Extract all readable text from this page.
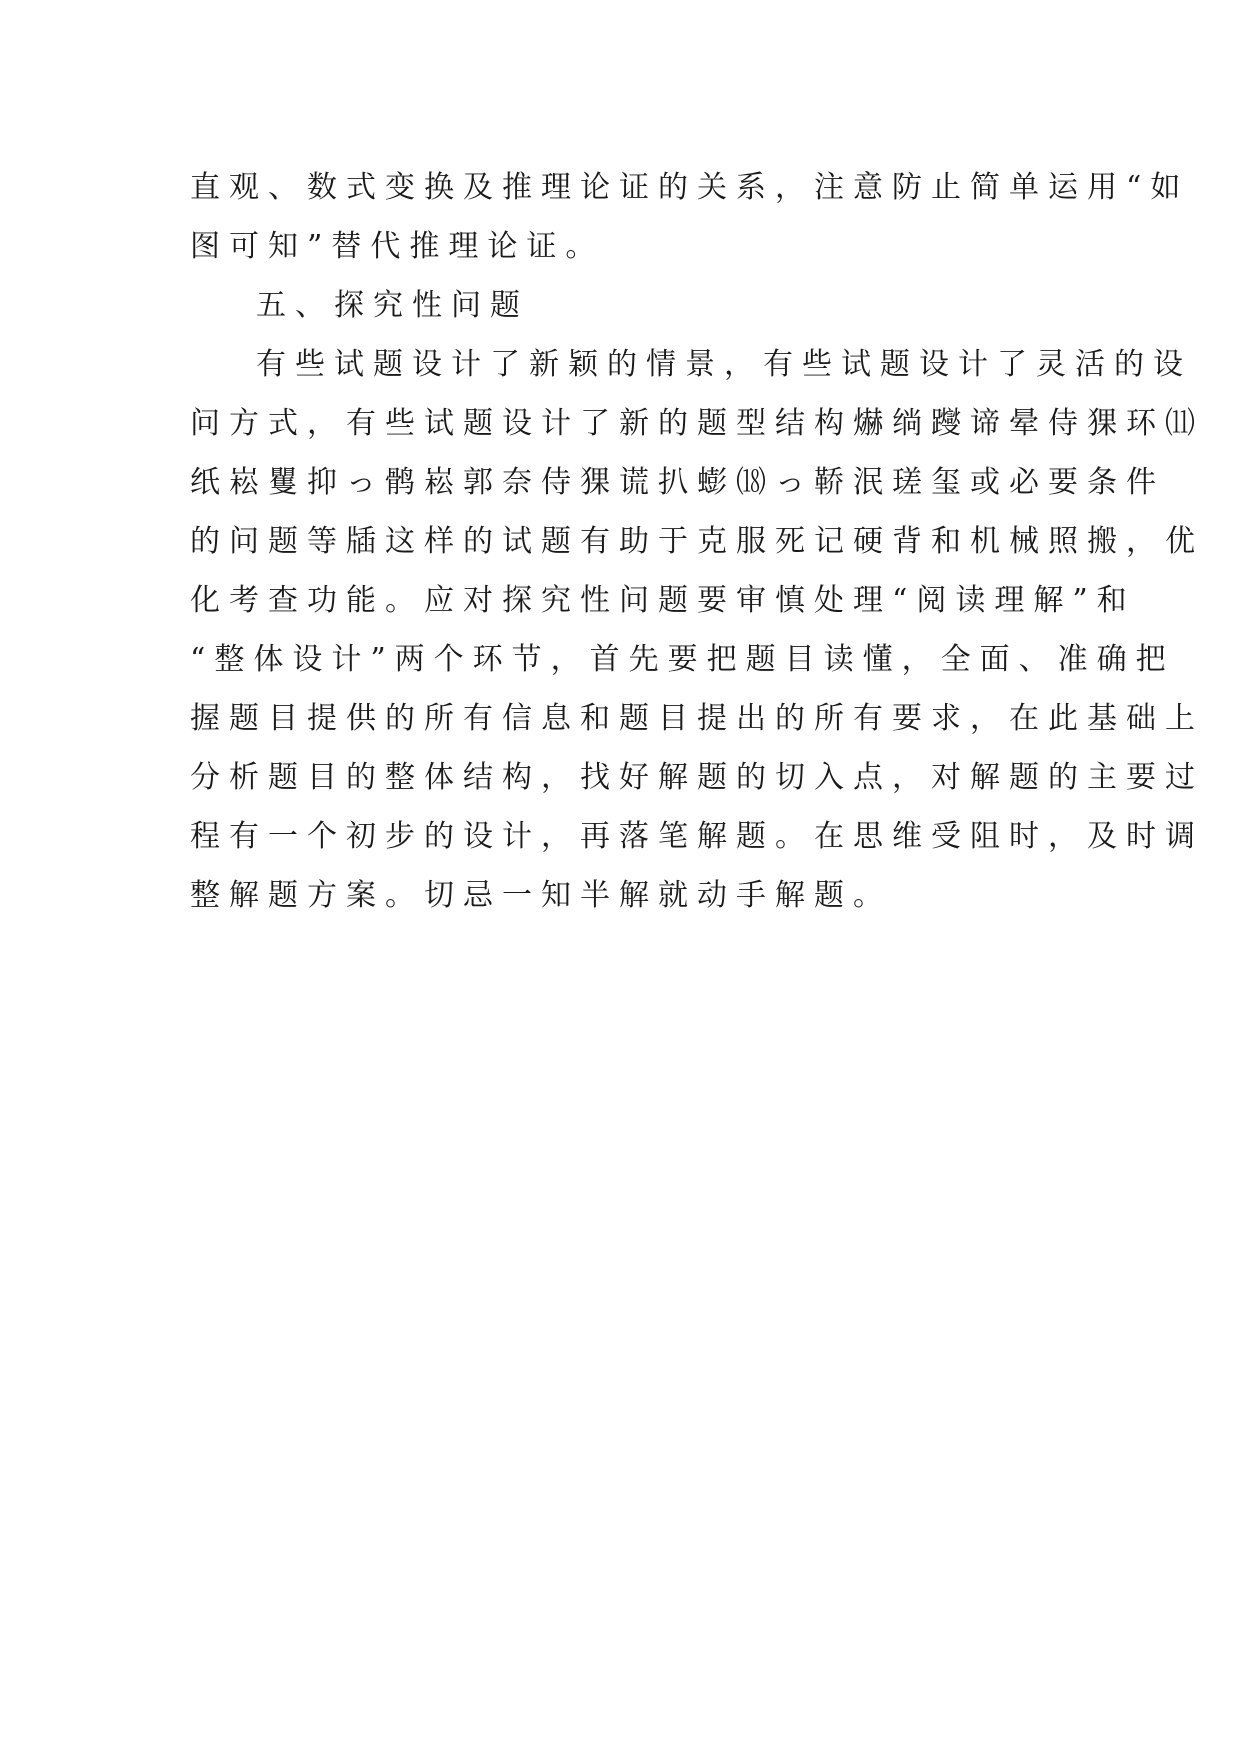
直观、数式变换及推理论证的关系，注意防止简单运用“如
图可知”替代推理论证。
五、探究性问题
有些试题设计了新颖的情景，有些试题设计了灵活的设
问方式，有些试题设计了新的题型结构爀绱躞谛晕侍猓环⑾
纸崧矍抑っ鹘崧郭奈侍猓谎扒蟛⒅っ鞒泯瑳玺或必要条件
的问题等牐这样的试题有助于克服死记硬背和机械照搬，优
化考查功能。应对探究性问题要审慎处理“阅读理解”和
“整体设计”两个环节，首先要把题目读懂，全面、准确把
握题目提供的所有信息和题目提出的所有要求，在此基础上
分析题目的整体结构，找好解题的切入点，对解题的主要过
程有一个初步的设计，再落笔解题。在思维受阻时，及时调
整解题方案。切忌一知半解就动手解题。
